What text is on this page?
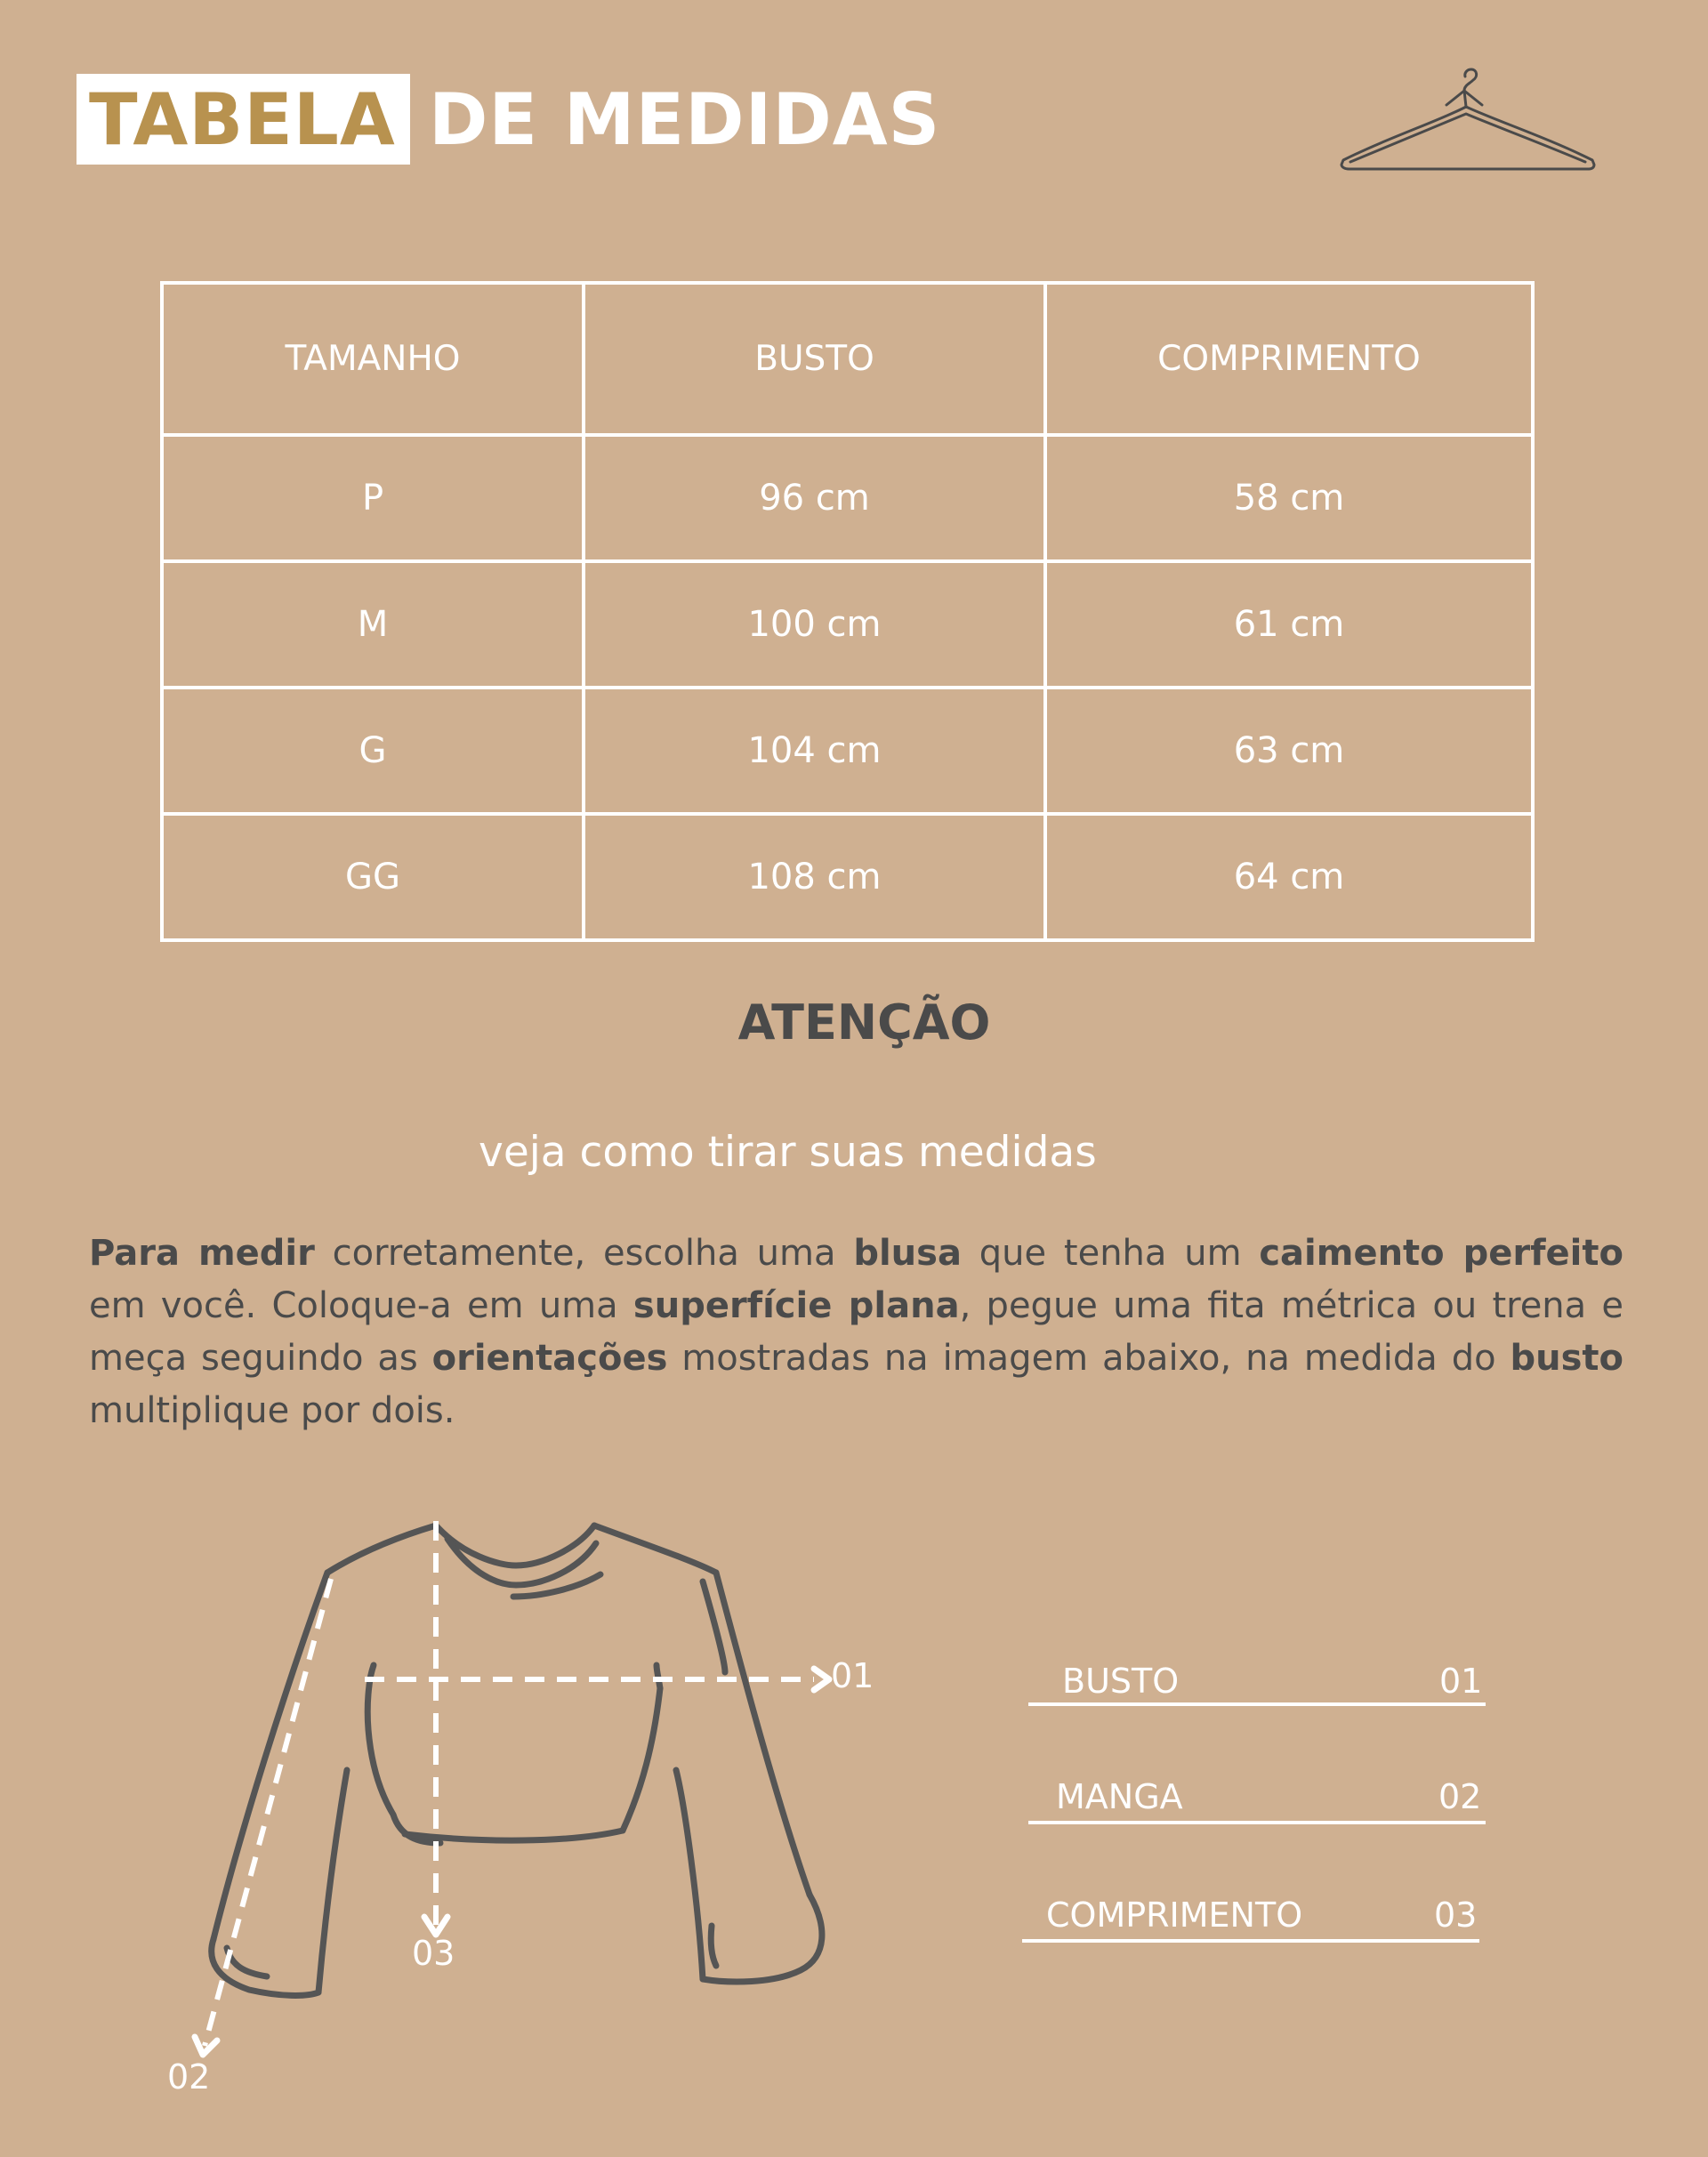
TABELA DE MEDIDAS
TAMANHO	BUSTO	COMPRIMENTO
P	96 cm	58 cm
M	100 cm	61 cm
G	104 cm	63 cm
GG	108 cm	64 cm
ATENÇÃO
veja como tirar suas medidas

Para medir corretamente, escolha uma blusa que tenha um caimento perfeito em você. Coloque-a em uma superfície plana, pegue uma fita métrica ou trena e meça seguindo as orientações mostradas na imagem abaixo, na medida do busto multiplique por dois.

01
02
03
BUSTO	01
MANGA	02
COMPRIMENTO	03
